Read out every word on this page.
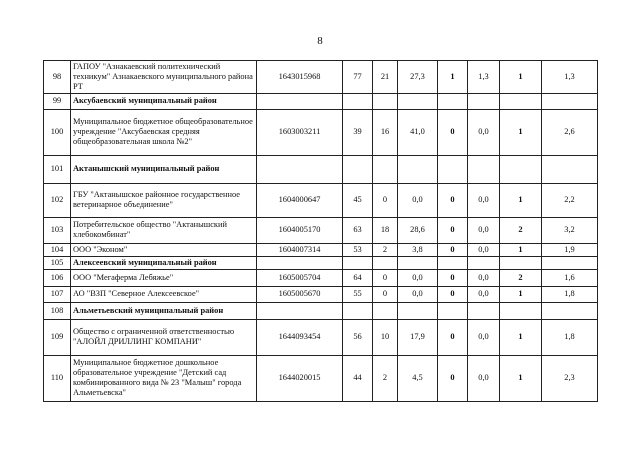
8
98	ГАПОУ "Азнакаевский политехнический техникум" Азнакаевского муниципального района РТ	1643015968	77	21	27,3	1	1,3	1	1,3
99	Аксубаевский муниципальный район								
100	Муниципальное бюджетное общеобразовательное учреждение "Аксубаевская средняя общеобразовательная школа №2"	1603003211	39	16	41,0	0	0,0	1	2,6
101	Актанышский муниципальный район								
102	ГБУ "Актанышское районное государственное ветеринарное объединение"	1604000647	45	0	0,0	0	0,0	1	2,2
103	Потребительское общество "Актанышский хлебокомбинат"	1604005170	63	18	28,6	0	0,0	2	3,2
104	ООО "Эконом"	1604007314	53	2	3,8	0	0,0	1	1,9
105	Алексеевский муниципальный район								
106	ООО "Мегаферма Лебяжье"	1605005704	64	0	0,0	0	0,0	2	1,6
107	АО "ВЗП "Северное Алексеевское"	1605005670	55	0	0,0	0	0,0	1	1,8
108	Альметьевский муниципальный район								
109	Общество с ограниченной ответственностью "АЛОЙЛ ДРИЛЛИНГ КОМПАНИ"	1644093454	56	10	17,9	0	0,0	1	1,8
110	Муниципальное бюджетное дошкольное образовательное учреждение "Детский сад комбинированного вида № 23 "Малыш" города Альметьевска"	1644020015	44	2	4,5	0	0,0	1	2,3
